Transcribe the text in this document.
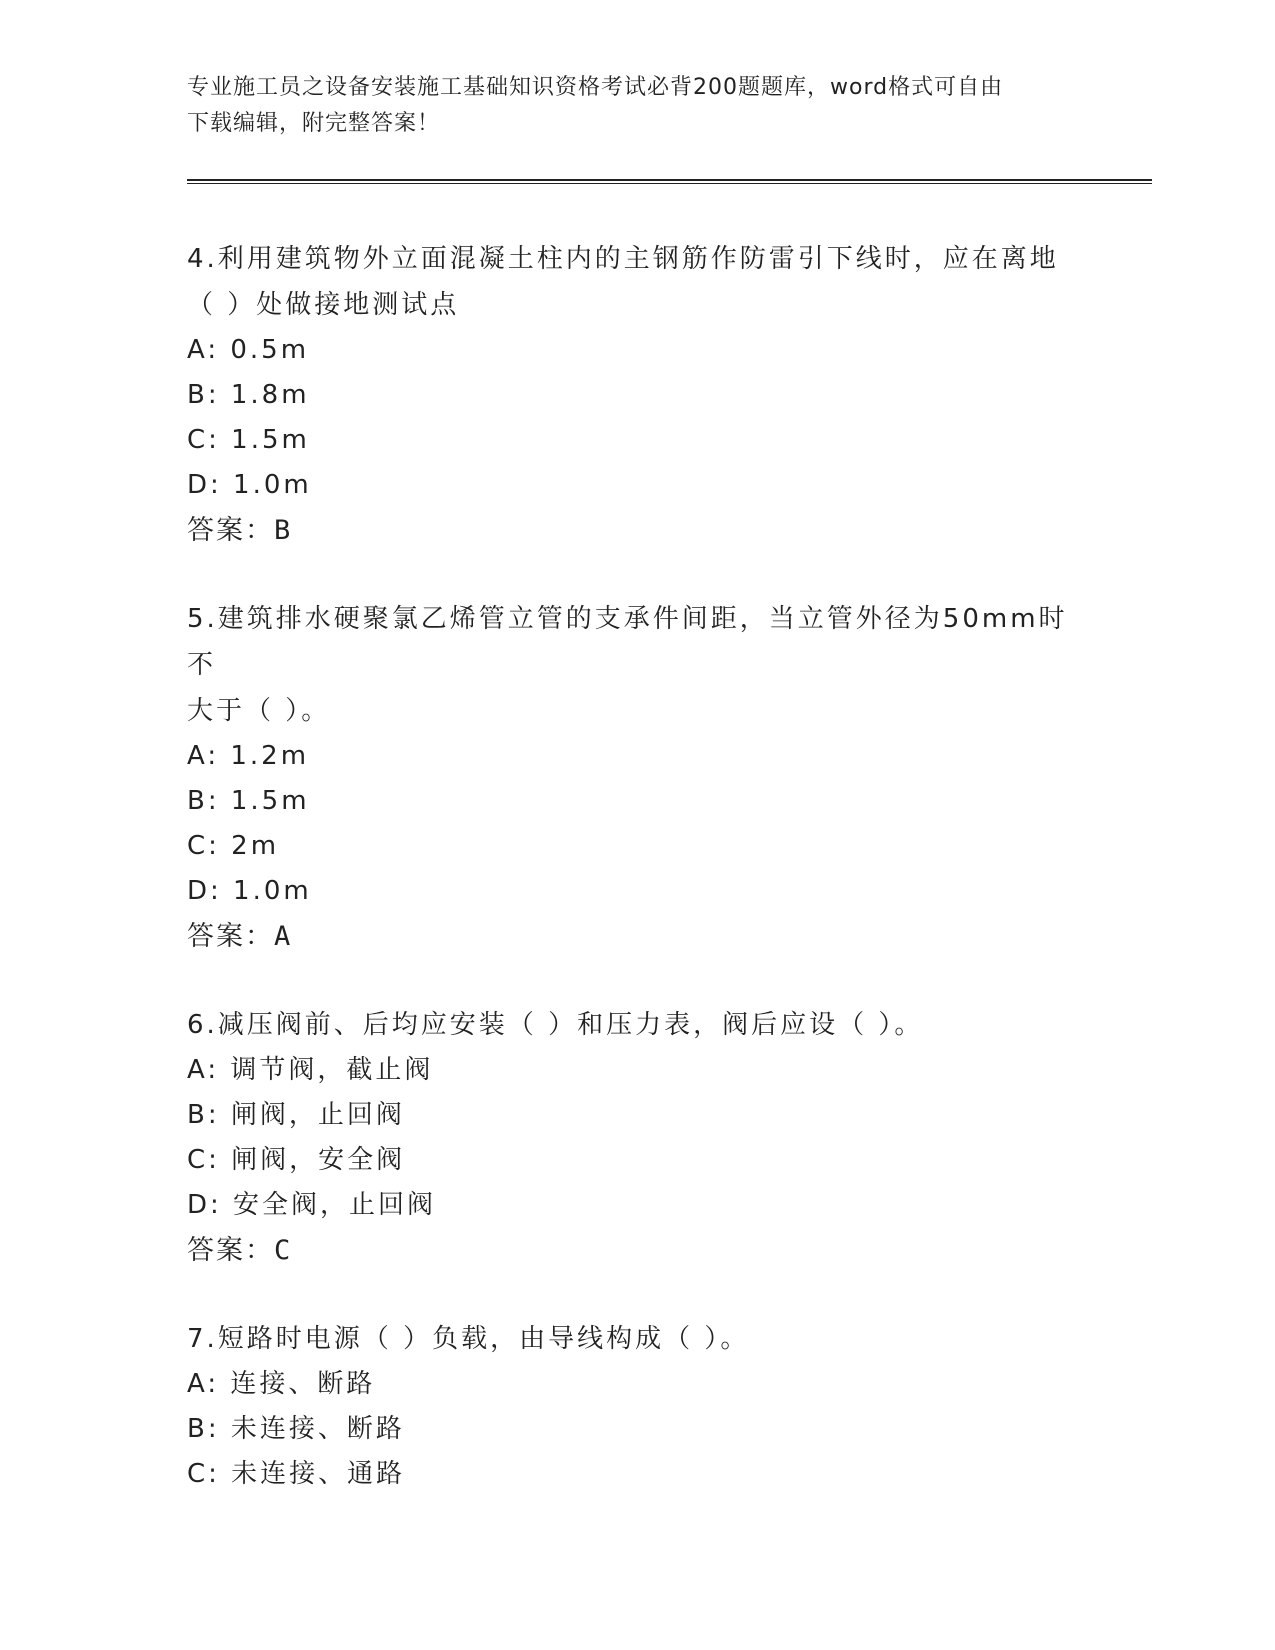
专业施工员之设备安装施工基础知识资格考试必背200题题库，word格式可自由
下载编辑，附完整答案！
4.利用建筑物外立面混凝土柱内的主钢筋作防雷引下线时，应在离地
（ ）处做接地测试点
A: 0.5m
B: 1.8m
C: 1.5m
D: 1.0m
答案：B
5.建筑排水硬聚氯乙烯管立管的支承件间距，当立管外径为50mm时不
大于（ ）。
A: 1.2m
B: 1.5m
C: 2m
D: 1.0m
答案：A
6.减压阀前、后均应安装（ ）和压力表，阀后应设（ ）。
A: 调节阀，截止阀
B: 闸阀，止回阀
C: 闸阀，安全阀
D: 安全阀，止回阀
答案：C
7.短路时电源（ ）负载，由导线构成（ ）。
A: 连接、断路
B: 未连接、断路
C: 未连接、通路
